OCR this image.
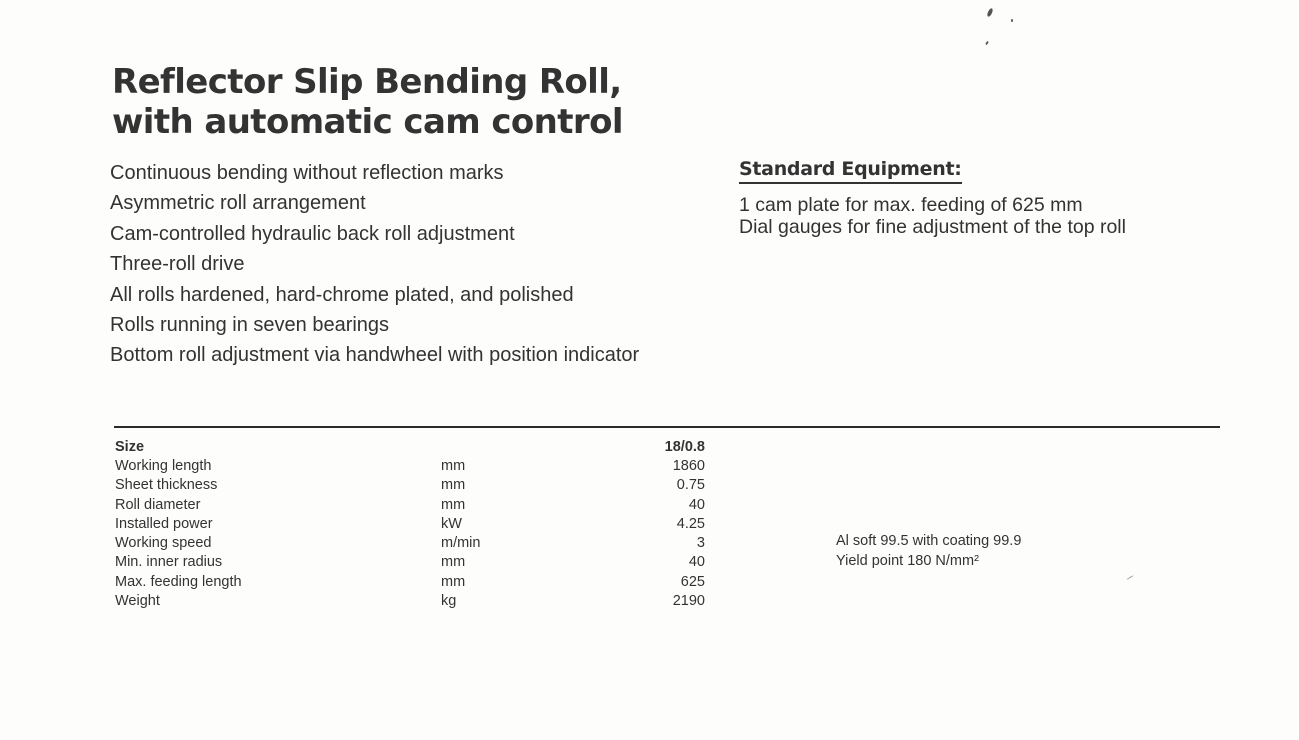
Reflector Slip Bending Roll,
with automatic cam control
Continuous bending without reflection marks
Asymmetric roll arrangement
Cam-controlled hydraulic back roll adjustment
Three-roll drive
All rolls hardened, hard-chrome plated, and polished
Rolls running in seven bearings
Bottom roll adjustment via handwheel with position indicator
Standard Equipment:
1 cam plate for max. feeding of 625 mm
Dial gauges for fine adjustment of the top roll
Size		18/0.8
Working length	mm	1860
Sheet thickness	mm	0.75
Roll diameter	mm	40
Installed power	kW	4.25
Working speed	m/min	3
Min. inner radius	mm	40
Max. feeding length	mm	625
Weight	kg	2190
Al soft 99.5 with coating 99.9
Yield point 180 N/mm²
